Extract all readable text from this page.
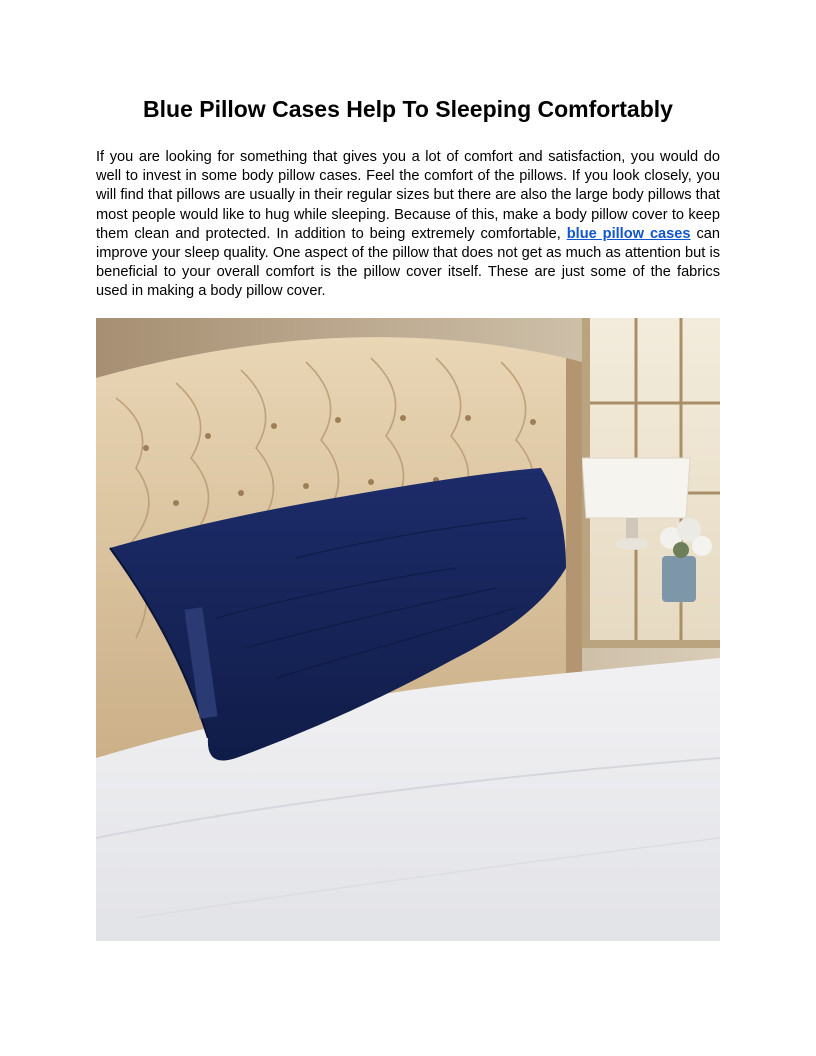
Blue Pillow Cases Help To Sleeping Comfortably

If you are looking for something that gives you a lot of comfort and satisfaction, you would do well to invest in some body pillow cases. Feel the comfort of the pillows. If you look closely, you will find that pillows are usually in their regular sizes but there are also the large body pillows that most people would like to hug while sleeping. Because of this, make a body pillow cover to keep them clean and protected. In addition to being extremely comfortable, blue pillow cases can improve your sleep quality. One aspect of the pillow that does not get as much as attention but is beneficial to your overall comfort is the pillow cover itself. These are just some of the fabrics used in making a body pillow cover.
